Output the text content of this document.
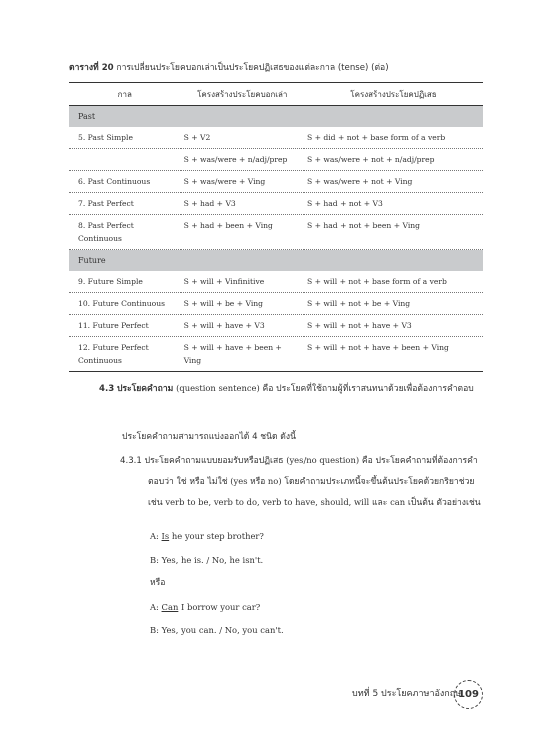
ตารางที่ 20 การเปลี่ยนประโยคบอกเล่าเป็นประโยคปฏิเสธของแต่ละกาล (tense) (ต่อ)
กาล	โครงสร้างประโยคบอกเล่า	โครงสร้างประโยคปฏิเสธ
Past		
5. Past Simple	S + V2	S + did + not + base form of a verb
	S + was/were + n/adj/prep	S + was/were + not + n/adj/prep
6. Past Continuous	S + was/were + Ving	S + was/were + not + Ving
7. Past Perfect	S + had + V3	S + had + not + V3
8. Past Perfect Continuous	S + had + been + Ving	S + had + not + been + Ving
Future		
9. Future Simple	S + will + Vinfinitive	S + will + not + base form of a verb
10. Future Continuous	S + will + be + Ving	S + will + not + be + Ving
11. Future Perfect	S + will + have + V3	S + will + not + have + V3
12. Future Perfect Continuous	S + will + have + been + Ving	S + will + not + have + been + Ving
4.3 ประโยคคำถาม (question sentence) คือ ประโยคที่ใช้ถามผู้ที่เราสนทนาด้วยเพื่อต้องการคำตอบ
ประโยคคำถามสามารถแบ่งออกได้ 4 ชนิด ดังนี้
4.3.1 ประโยคคำถามแบบยอมรับหรือปฏิเสธ (yes/no question) คือ ประโยคคำถามที่ต้องการคำตอบว่า ใช่ หรือ ไม่ใช่ (yes หรือ no) โดยคำถามประเภทนี้จะขึ้นต้นประโยคด้วยกริยาช่วย เช่น verb to be, verb to do, verb to have, should, will และ can เป็นต้น ตัวอย่างเช่น
A: Is he your step brother?
B: Yes, he is. / No, he isn't.
หรือ
A: Can I borrow your car?
B: Yes, you can. / No, you can't.
บทที่ 5 ประโยคภาษาอังกฤษ
109
